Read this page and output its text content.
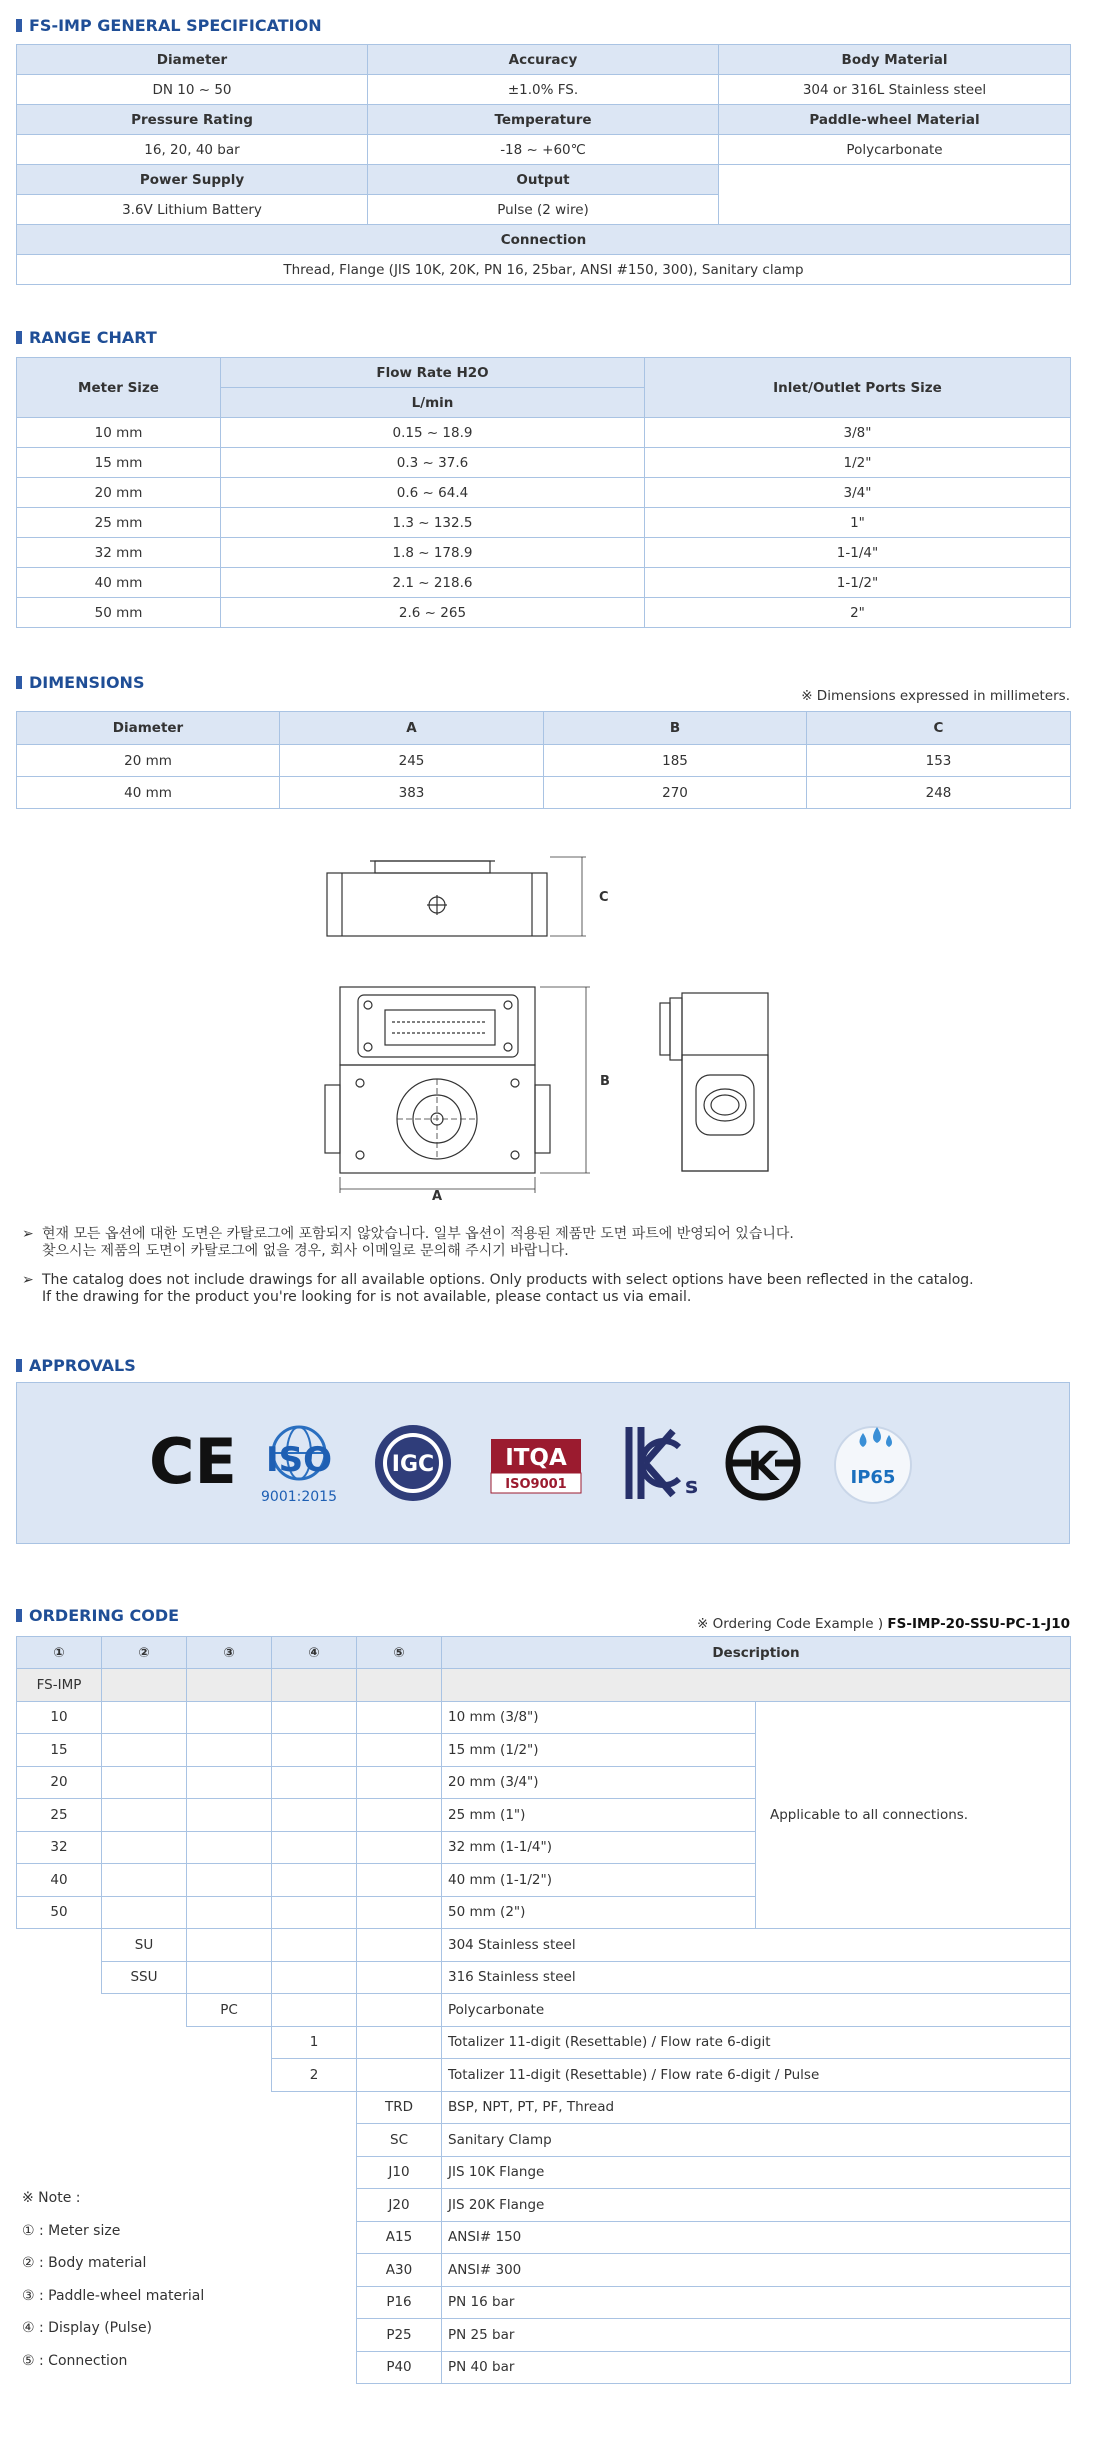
FS-IMP GENERAL SPECIFICATION
Diameter	Accuracy	Body Material
DN 10 ~ 50	±1.0% FS.	304 or 316L Stainless steel
Pressure Rating	Temperature	Paddle-wheel Material
16, 20, 40 bar	-18 ~ +60℃	Polycarbonate
Power Supply	Output	
3.6V Lithium Battery	Pulse (2 wire)	
Connection		
Thread, Flange (JIS 10K, 20K, PN 16, 25bar, ANSI #150, 300), Sanitary clamp		
RANGE CHART
Meter Size	Flow Rate H2O	Inlet/Outlet Ports Size
	L/min	
10 mm	0.15 ~ 18.9	3/8"
15 mm	0.3 ~ 37.6	1/2"
20 mm	0.6 ~ 64.4	3/4"
25 mm	1.3 ~ 132.5	1"
32 mm	1.8 ~ 178.9	1-1/4"
40 mm	2.1 ~ 218.6	1-1/2"
50 mm	2.6 ~ 265	2"
DIMENSIONS
※ Dimensions expressed in millimeters.
Diameter	A	B	C
20 mm	245	185	153
40 mm	383	270	248
C
B
A
➢ 현재 모든 옵션에 대한 도면은 카탈로그에 포함되지 않았습니다. 일부 옵션이 적용된 제품만 도면 파트에 반영되어 있습니다.
찾으시는 제품의 도면이 카탈로그에 없을 경우, 회사 이메일로 문의해 주시기 바랍니다.
➢ The catalog does not include drawings for all available options. Only products with select options have been reflected in the catalog.
If the drawing for the product you're looking for is not available, please contact us via email.
APPROVALS
CE ISO
9001:2015
IGC	ITQA
ISO9001	s K	IP65
ORDERING CODE	※ Ordering Code Example ) FS-IMP-20-SSU-PC-1-J10
①	②	③	④	⑤	Description	
FS-IMP						
10					10 mm (3/8")	Applicable to all connections.
15					15 mm (1/2")	
20					20 mm (3/4")	
25					25 mm (1")	
32					32 mm (1-1/4")	
40					40 mm (1-1/2")	
50					50 mm (2")	
	SU				304 Stainless steel	
	SSU				316 Stainless steel	
		PC			Polycarbonate	
			1		Totalizer 11-digit (Resettable) / Flow rate 6-digit	
			2		Totalizer 11-digit (Resettable) / Flow rate 6-digit / Pulse	
				TRD	BSP, NPT, PT, PF, Thread	
				SC	Sanitary Clamp	
				J10	JIS 10K Flange	
				J20	JIS 20K Flange	
				A15	ANSI# 150	
				A30	ANSI# 300	
				P16	PN 16 bar	
				P25	PN 25 bar	
				P40	PN 40 bar	
※ Note :
① : Meter size
② : Body material
③ : Paddle-wheel material
④ : Display (Pulse)
⑤ : Connection
